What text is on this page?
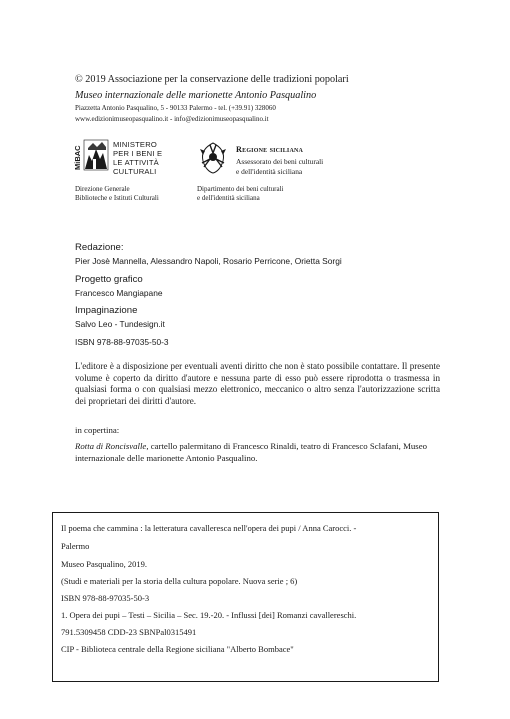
© 2019 Associazione per la conservazione delle tradizioni popolari
Museo internazionale delle marionette Antonio Pasqualino
Piazzetta Antonio Pasqualino, 5 - 90133 Palermo - tel. (+39.91) 328060
www.edizionimuseopasqualino.it - info@edizionimuseopasqualino.it
MiBAC
MINISTERO
PER I BENI E
LE ATTIVITÀ
CULTURALI
Direzione Generale
Biblioteche e Istituti Culturali
Regione siciliana
Assessorato dei beni culturali
e dell'identità siciliana
Dipartimento dei beni culturali
e dell'identità siciliana
Redazione:
Pier Josè Mannella, Alessandro Napoli, Rosario Perricone, Orietta Sorgi
Progetto grafico
Francesco Mangiapane
Impaginazione
Salvo Leo - Tundesign.it
ISBN 978-88-97035-50-3
L'editore è a disposizione per eventuali aventi diritto che non è stato possibile contattare. Il presente volume è coperto da diritto d'autore e nessuna parte di esso può essere riprodotta o trasmessa in qualsiasi forma o con qualsiasi mezzo elettronico, meccanico o altro senza l'autorizzazione scritta dei proprietari dei diritti d'autore.
in copertina:
Rotta di Roncisvalle, cartello palermitano di Francesco Rinaldi, teatro di Francesco Sclafani, Museo internazionale delle marionette Antonio Pasqualino.
Il poema che cammina : la letteratura cavalleresca nell'opera dei pupi / Anna Carocci. -
Palermo
Museo Pasqualino, 2019.
(Studi e materiali per la storia della cultura popolare. Nuova serie ; 6)
ISBN 978-88-97035-50-3
1. Opera dei pupi – Testi – Sicilia – Sec. 19.-20. - Influssi [dei] Romanzi cavallereschi.
791.5309458 CDD-23 SBNPal0315491
CIP - Biblioteca centrale della Regione siciliana "Alberto Bombace"
